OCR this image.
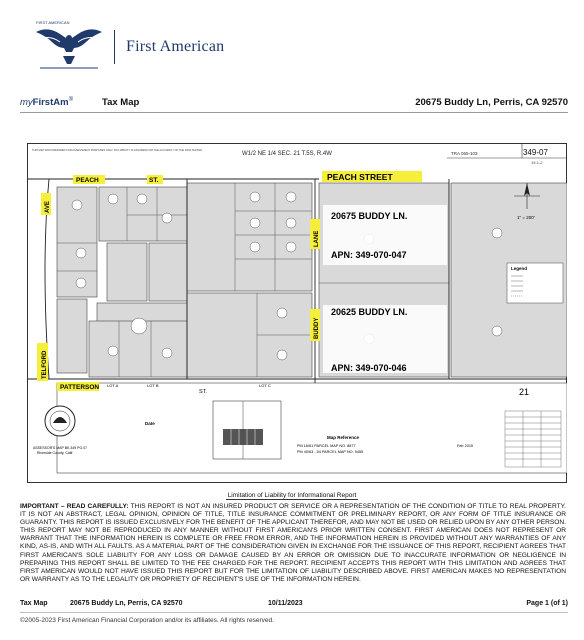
FIRST AMERICAN
First American
myFirstAm®	Tax Map	20675 Buddy Ln, Perris, CA 92570
THIS MAP WAS PREPARED FOR ASSESSMENT PURPOSES ONLY. NO LIABILITY IS ASSUMED FOR THE ACCURACY OF THE DATA SHOWN.
W1/2 NE 1/4 SEC. 21 T.5S, R.4W	TRA 065-103	349-07
19-1-2
PEACH	ST.	PEACH STREET
AVE
TELFORD
PATTERSON
LANE
BUDDY
ST.
20675 BUDDY LN.
APN: 349-070-047
20625 BUDDY LN.
APN: 349-070-046
LOT A	LOT B	LOT C
21
1" = 200'
Legend
ASSESSOR'S MAP BK.349 PG.07
Riverside County, Calif.
Date
Map Reference
PM 16/61 PARCEL MAP NO. 8877
PM 40/63 - 54 PARCEL MAP NO. 9455
Feb 2015
Limitation of Liability for Informational Report
IMPORTANT – READ CAREFULLY: THIS REPORT IS NOT AN INSURED PRODUCT OR SERVICE OR A REPRESENTATION OF THE CONDITION OF TITLE TO REAL PROPERTY. IT IS NOT AN ABSTRACT, LEGAL OPINION, OPINION OF TITLE, TITLE INSURANCE COMMITMENT OR PRELIMINARY REPORT, OR ANY FORM OF TITLE INSURANCE OR GUARANTY. THIS REPORT IS ISSUED EXCLUSIVELY FOR THE BENEFIT OF THE APPLICANT THEREFOR, AND MAY NOT BE USED OR RELIED UPON BY ANY OTHER PERSON. THIS REPORT MAY NOT BE REPRODUCED IN ANY MANNER WITHOUT FIRST AMERICAN'S PRIOR WRITTEN CONSENT. FIRST AMERICAN DOES NOT REPRESENT OR WARRANT THAT THE INFORMATION HEREIN IS COMPLETE OR FREE FROM ERROR, AND THE INFORMATION HEREIN IS PROVIDED WITHOUT ANY WARRANTIES OF ANY KIND, AS-IS, AND WITH ALL FAULTS. AS A MATERIAL PART OF THE CONSIDERATION GIVEN IN EXCHANGE FOR THE ISSUANCE OF THIS REPORT, RECIPIENT AGREES THAT FIRST AMERICAN'S SOLE LIABILITY FOR ANY LOSS OR DAMAGE CAUSED BY AN ERROR OR OMISSION DUE TO INACCURATE INFORMATION OR NEGLIGENCE IN PREPARING THIS REPORT SHALL BE LIMITED TO THE FEE CHARGED FOR THE REPORT. RECIPIENT ACCEPTS THIS REPORT WITH THIS LIMITATION AND AGREES THAT FIRST AMERICAN WOULD NOT HAVE ISSUED THIS REPORT BUT FOR THE LIMITATION OF LIABILITY DESCRIBED ABOVE. FIRST AMERICAN MAKES NO REPRESENTATION OR WARRANTY AS TO THE LEGALITY OR PROPRIETY OF RECIPIENT'S USE OF THE INFORMATION HEREIN.
Tax Map	20675 Buddy Ln, Perris, CA 92570	10/11/2023	Page 1 (of 1)
©2005-2023 First American Financial Corporation and/or its affiliates. All rights reserved.
